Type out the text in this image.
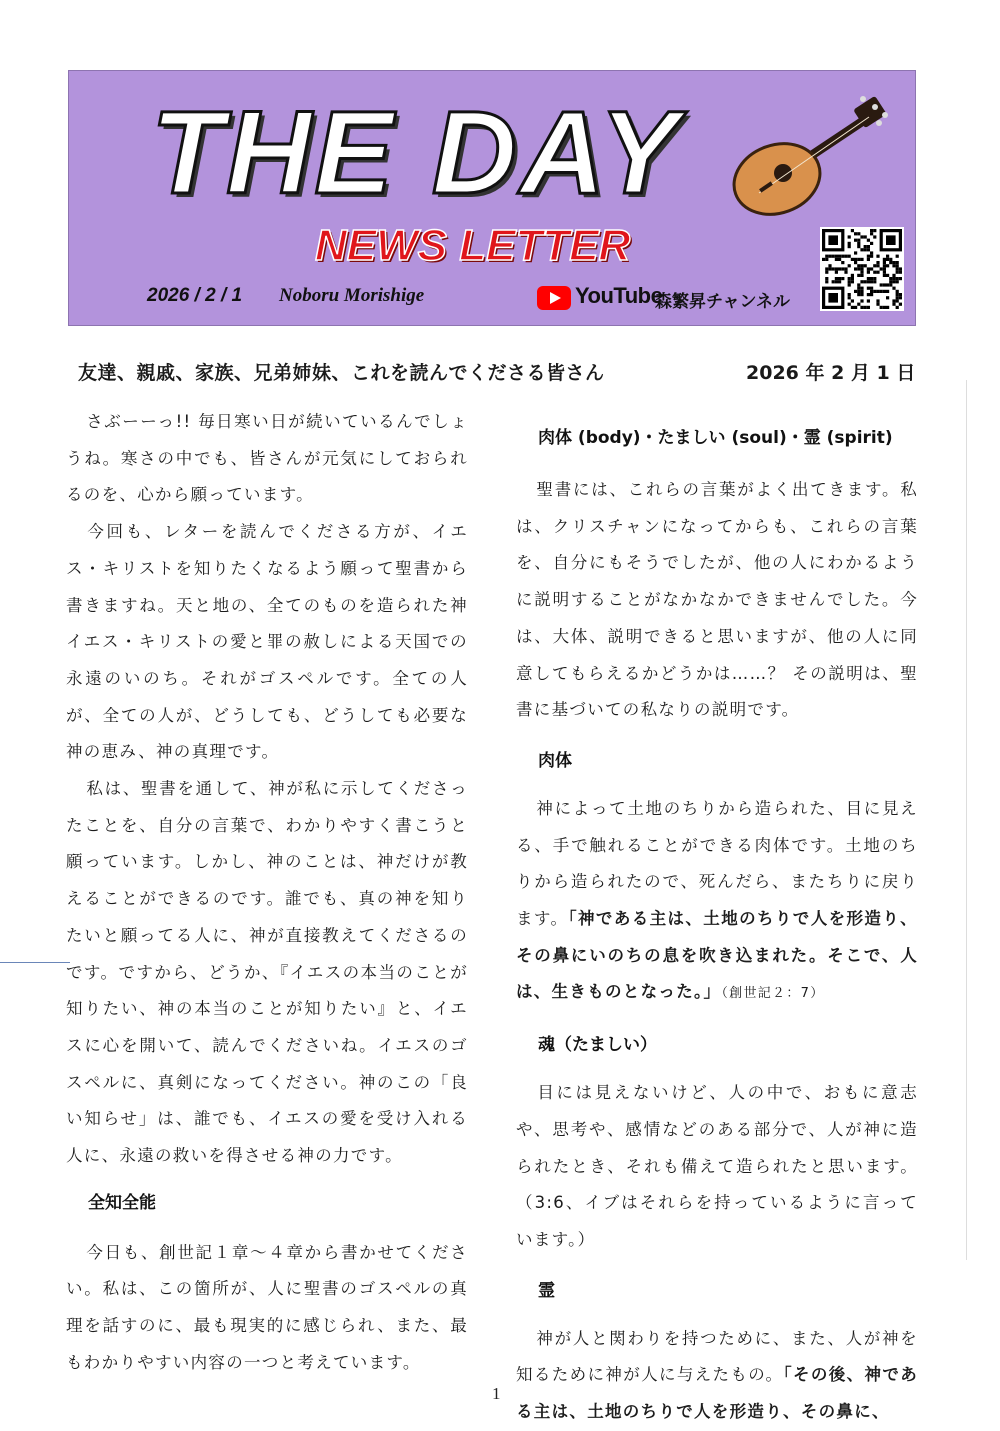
THE DAY
NEWS LETTER
2026 / 2 / 1 Noboru Morishige	YouTube
森繁昇チャンネル
友達、親戚、家族、兄弟姉妹、これを読んでくださる皆さん	2026 年 2 月 1 日

さぶーーっ!! 毎日寒い日が続いているんでしょうね。寒さの中でも、皆さんが元気にしておられるのを、心から願っています。

今回も、レターを読んでくださる方が、イエス・キリストを知りたくなるよう願って聖書から書きますね。天と地の、全てのものを造られた神イエス・キリストの愛と罪の赦しによる天国での永遠のいのち。それがゴスペルです。全ての人が、全ての人が、どうしても、どうしても必要な神の恵み、神の真理です。

私は、聖書を通して、神が私に示してくださったことを、自分の言葉で、わかりやすく書こうと願っています。しかし、神のことは、神だけが教えることができるのです。誰でも、真の神を知りたいと願ってる人に、神が直接教えてくださるのです。ですから、どうか、『イエスの本当のことが知りたい、神の本当のことが知りたい』と、イエスに心を開いて、読んでくださいね。イエスのゴスペルに、真剣になってください。神のこの「良い知らせ」は、誰でも、イエスの愛を受け入れる人に、永遠の救いを得させる神の力です。

全知全能

今日も、創世記１章～４章から書かせてください。私は、この箇所が、人に聖書のゴスペルの真理を話すのに、最も現実的に感じられ、また、最もわかりやすい内容の一つと考えています。

肉体 (body)・たましい (soul)・霊 (spirit)

聖書には、これらの言葉がよく出てきます。私は、クリスチャンになってからも、これらの言葉を、自分にもそうでしたが、他の人にわかるように説明することがなかなかできませんでした。今は、大体、説明できると思いますが、他の人に同意してもらえるかどうかは……？ その説明は、聖書に基づいての私なりの説明です。

肉体

神によって土地のちりから造られた、目に見える、手で触れることができる肉体です。土地のちりから造られたので、死んだら、またちりに戻ります。「神である主は、土地のちりで人を形造り、その鼻にいのちの息を吹き込まれた。そこで、人は、生きものとなった。」（創世記２：7）

魂（たましい）

目には見えないけど、人の中で、おもに意志や、思考や、感情などのある部分で、人が神に造られたとき、それも備えて造られたと思います。（3:6、イブはそれらを持っているように言っています。）

霊

神が人と関わりを持つために、また、人が神を知るために神が人に与えたもの。「その後、神である主は、土地のちりで人を形造り、その鼻に、

1
